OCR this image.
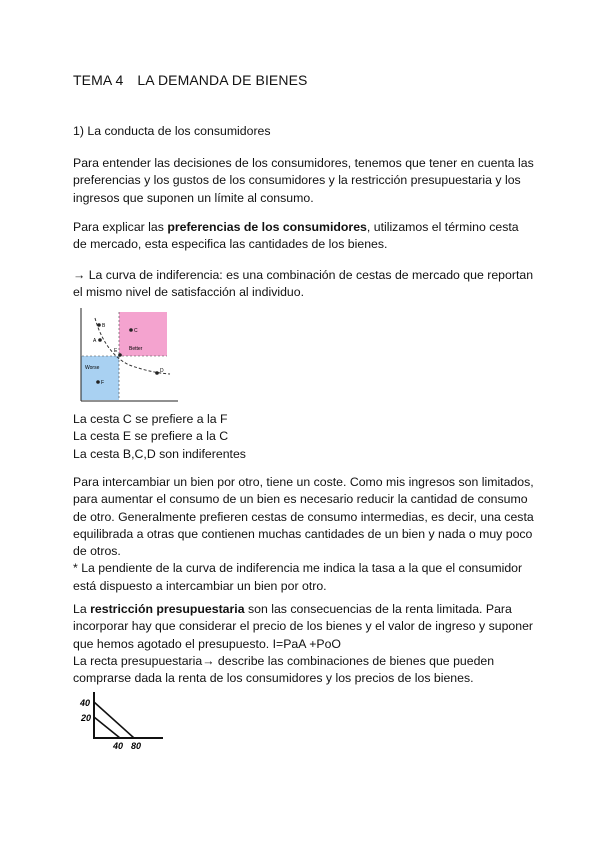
TEMA 4 LA DEMANDA DE BIENES
1) La conducta de los consumidores
Para entender las decisiones de los consumidores, tenemos que tener en cuenta las
preferencias y los gustos de los consumidores y la restricción presupuestaria y los
ingresos que suponen un límite al consumo.
Para explicar las preferencias de los consumidores, utilizamos el término cesta
de mercado, esta especifica las cantidades de los bienes.
→ La curva de indiferencia: es una combinación de cestas de mercado que reportan
el mismo nivel de satisfacción al individuo.
B
A
C
E
F
D
Better
Worse
La cesta C se prefiere a la F
La cesta E se prefiere a la C
La cesta B,C,D son indiferentes
Para intercambiar un bien por otro, tiene un coste. Como mis ingresos son limitados,
para aumentar el consumo de un bien es necesario reducir la cantidad de consumo
de otro. Generalmente prefieren cestas de consumo intermedias, es decir, una cesta
equilibrada a otras que contienen muchas cantidades de un bien y nada o muy poco
de otros.
* La pendiente de la curva de indiferencia me indica la tasa a la que el consumidor
está dispuesto a intercambiar un bien por otro.
La restricción presupuestaria son las consecuencias de la renta limitada. Para
incorporar hay que considerar el precio de los bienes y el valor de ingreso y suponer
que hemos agotado el presupuesto. I=PaA +PoO
La recta presupuestaria→ describe las combinaciones de bienes que pueden
comprarse dada la renta de los consumidores y los precios de los bienes.
40
20
40 80
